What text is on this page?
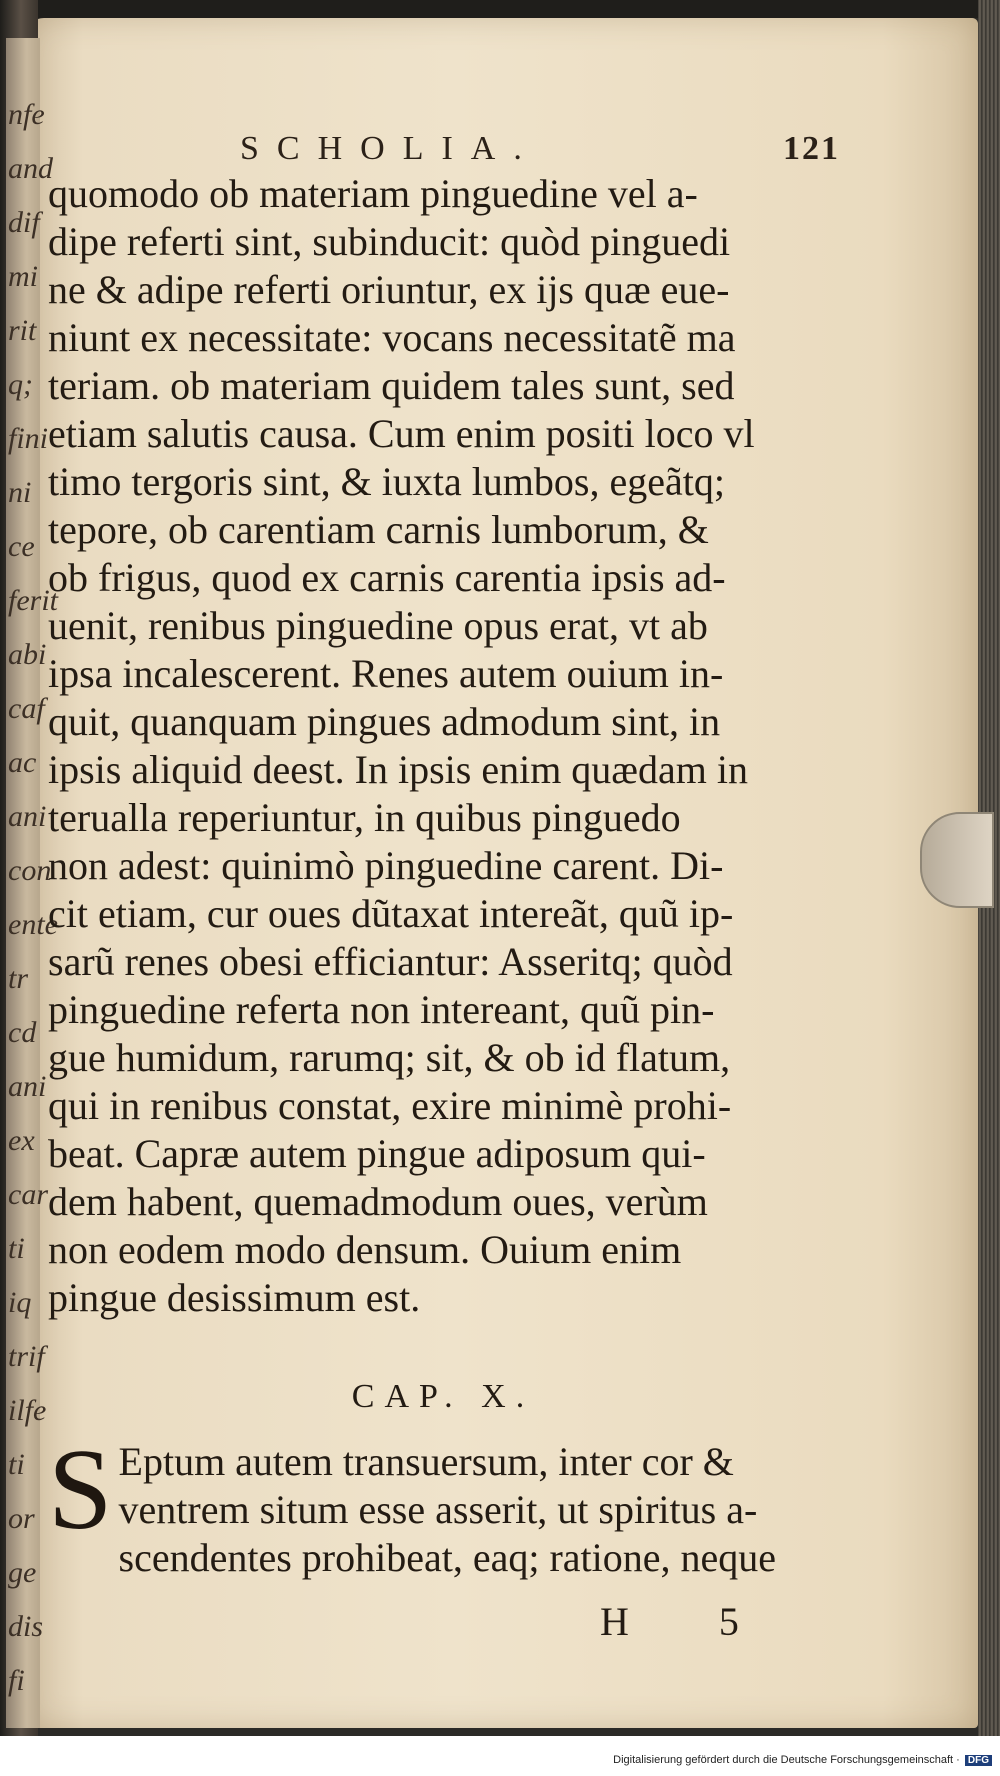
nfe
and
dif
mi
rit
q;
fini
ni
ce
ferit
abi
caf
ac
ani
con
ente
tr
cd
ani
ex
car
ti
iq
trif
ilfe
ti
or
ge
dis
fi
SCHOLIA.	121
quomodo ob materiam pinguedine vel a-
dipe referti sint, subinducit: quòd pinguedi
ne & adipe referti oriuntur, ex ijs quæ eue-
niunt ex necessitate: vocans necessitatẽ ma
teriam. ob materiam quidem tales sunt, sed
etiam salutis causa. Cum enim positi loco vl
timo tergoris sint, & iuxta lumbos, egeãtq;
tepore, ob carentiam carnis lumborum, &
ob frigus, quod ex carnis carentia ipsis ad-
uenit, renibus pinguedine opus erat, vt ab
ipsa incalescerent. Renes autem ouium in-
quit, quanquam pingues admodum sint, in
ipsis aliquid deest. In ipsis enim quædam in
terualla reperiuntur, in quibus pinguedo
non adest: quinimò pinguedine carent. Di-
cit etiam, cur oues dũtaxat intereãt, quũ ip-
sarũ renes obesi efficiantur: Asseritq; quòd
pinguedine referta non intereant, quũ pin-
gue humidum, rarumq; sit, & ob id flatum,
qui in renibus constat, exire minimè prohi-
beat. Capræ autem pingue adiposum qui-
dem habent, quemadmodum oues, verùm
non eodem modo densum. Ouium enim
pingue desissimum est.
CAP. X.
S Eptum autem transuersum, inter cor &
ventrem situm esse asserit, ut spiritus a-
scendentes prohibeat, eaq; ratione, neque
H 5
Digitalisierung gefördert durch die Deutsche Forschungsgemeinschaft · DFG
